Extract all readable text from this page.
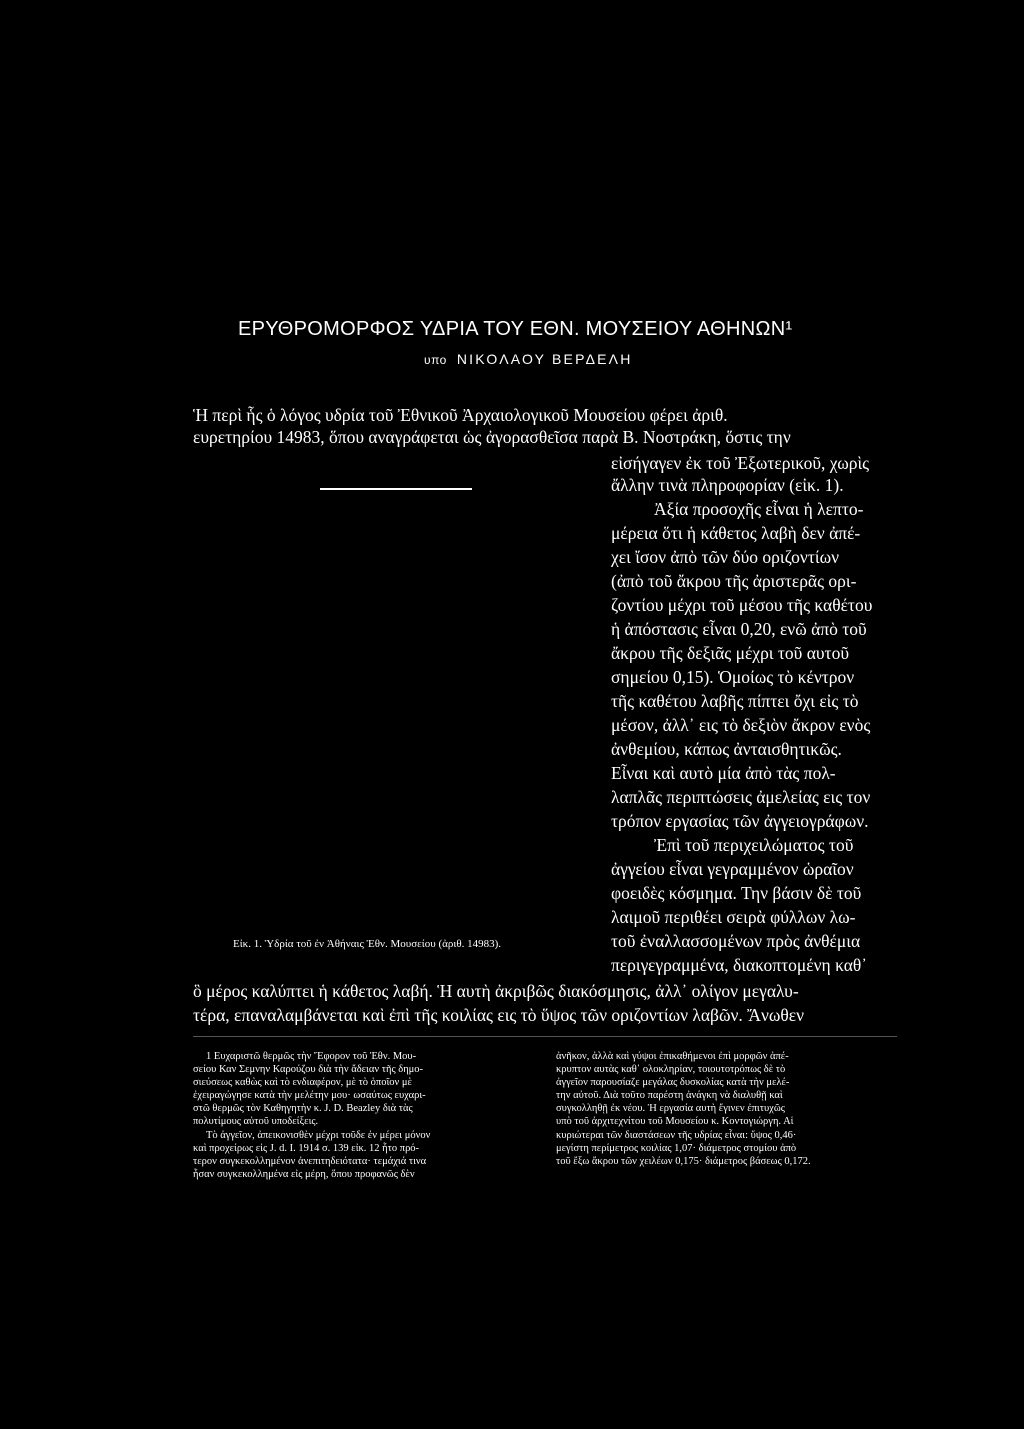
ΕΡΥΘΡΟΜΟΡΦΟΣ ΥΔΡΙΑ ΤΟΥ ΕΘΝ. ΜΟΥΣΕΙΟΥ ΑΘΗΝΩΝ¹
υπο ΝΙΚΟΛΑΟΥ ΒΕΡΔΕΛΗ
Ἡ περὶ ἧς ὁ λόγος υδρία τοῦ Ἐθνικοῦ Ἀρχαιολογικοῦ Μουσείου φέρει ἀριθ.
ευρετηρίου 14983, ὅπου αναγράφεται ὡς ἀγορασθεῖσα παρὰ Β. Νοστράκη, ὅστις την
εἰσήγαγεν ἐκ τοῦ Ἐξωτερικοῦ, χωρὶς
ἄλλην τινὰ πληροφορίαν (εἰκ. 1).
Ἀξία προσοχῆς εἶναι ἡ λεπτο-
μέρεια ὅτι ἡ κάθετος λαβὴ δεν ἀπέ-
χει ἴσον ἀπὸ τῶν δύο οριζοντίων
(ἀπὸ τοῦ ἄκρου τῆς ἀριστερᾶς ορι-
ζοντίου μέχρι τοῦ μέσου τῆς καθέτου
ἡ ἀπόστασις εἶναι 0,20, ενῶ ἀπὸ τοῦ
ἄκρου τῆς δεξιᾶς μέχρι τοῦ αυτοῦ
σημείου 0,15). Ὁμοίως τὸ κέντρον
τῆς καθέτου λαβῆς πίπτει ὄχι εἰς τὸ
μέσον, ἀλλ᾽ εις τὸ δεξιὸν ἄκρον ενὸς
ἀνθεμίου, κάπως ἀνταισθητικῶς.
Εἶναι καὶ αυτὸ μία ἀπὸ τὰς πολ-
λαπλᾶς περιπτώσεις ἀμελείας εις τον
τρόπον εργασίας τῶν ἀγγειογράφων.
Ἐπὶ τοῦ περιχειλώματος τοῦ
ἀγγείου εἶναι γεγραμμένον ὡραῖον
φοειδὲς κόσμημα. Την βάσιν δὲ τοῦ
λαιμοῦ περιθέει σειρὰ φύλλων λω-
τοῦ ἐναλλασσομένων πρὸς ἀνθέμια
περιγεγραμμένα, διακοπτομένη καθ᾽
Εἰκ. 1. Ὑδρία τοῦ ἐν Ἀθήναις Ἐθν. Μουσείου (ἀριθ. 14983).
ὃ μέρος καλύπτει ἡ κάθετος λαβή. Ἡ αυτὴ ἀκριβῶς διακόσμησις, ἀλλ᾽ ολίγον μεγαλυ-
τέρα, επαναλαμβάνεται καὶ ἐπὶ τῆς κοιλίας εις τὸ ὕψος τῶν οριζοντίων λαβῶν. Ἄνωθεν
1 Ευχαριστῶ θερμῶς τὴν Ἔφορον τοῦ Ἐθν. Μου-
σείου Καν Σεμνην Καρούζου διὰ τὴν ἄδειαν τῆς δημο-
σιεύσεως καθὼς καὶ τὸ ενδιαφέρον, μὲ τὸ ὁποῖον μὲ
ἐχειραγώγησε κατὰ τὴν μελέτην μου· ωσαύτως ευχαρι-
στῶ θερμῶς τὸν Καθηγητὴν κ. J. D. Beazley διὰ τὰς
πολυτίμους αὐτοῦ υποδείξεις.
Τὸ ἀγγεῖον, ἀπεικονισθὲν μέχρι τοῦδε ἐν μέρει μόνον
καὶ προχείρως εἰς J. d. I. 1914 σ. 139 εἰκ. 12 ἦτο πρό-
τερον συγκεκολλημένον ἀνεπιτηδειότατα· τεμάχιά τινα
ἦσαν συγκεκολλημένα εἰς μέρη, ὅπου προφανῶς δὲν
ἀνῆκον, ἀλλὰ καὶ γύψοι ἐπικαθήμενοι ἐπὶ μορφῶν ἀπέ-
κρυπτον αυτὰς καθ᾽ ολοκληρίαν, τοιουτοτρόπως δὲ τὸ
ἀγγεῖον παρουσίαζε μεγάλας δυσκολίας κατὰ τὴν μελέ-
την αὐτοῦ. Διὰ τοῦτο παρέστη ἀνάγκη νὰ διαλυθῇ καὶ
συγκολληθῇ ἐκ νέου. Ἡ εργασία αυτὴ ἔγινεν ἐπιτυχῶς
υπὸ τοῦ ἀρχιτεχνίτου τοῦ Μουσείου κ. Κοντογιώργη. Αἱ
κυριώτεραι τῶν διαστάσεων τῆς υδρίας εἶναι: ὕψος 0,46·
μεγίστη περίμετρος κοιλίας 1,07· διάμετρος στομίου ἀπὸ
τοῦ ἔξω ἄκρου τῶν χειλέων 0,175· διάμετρος βάσεως 0,172.
